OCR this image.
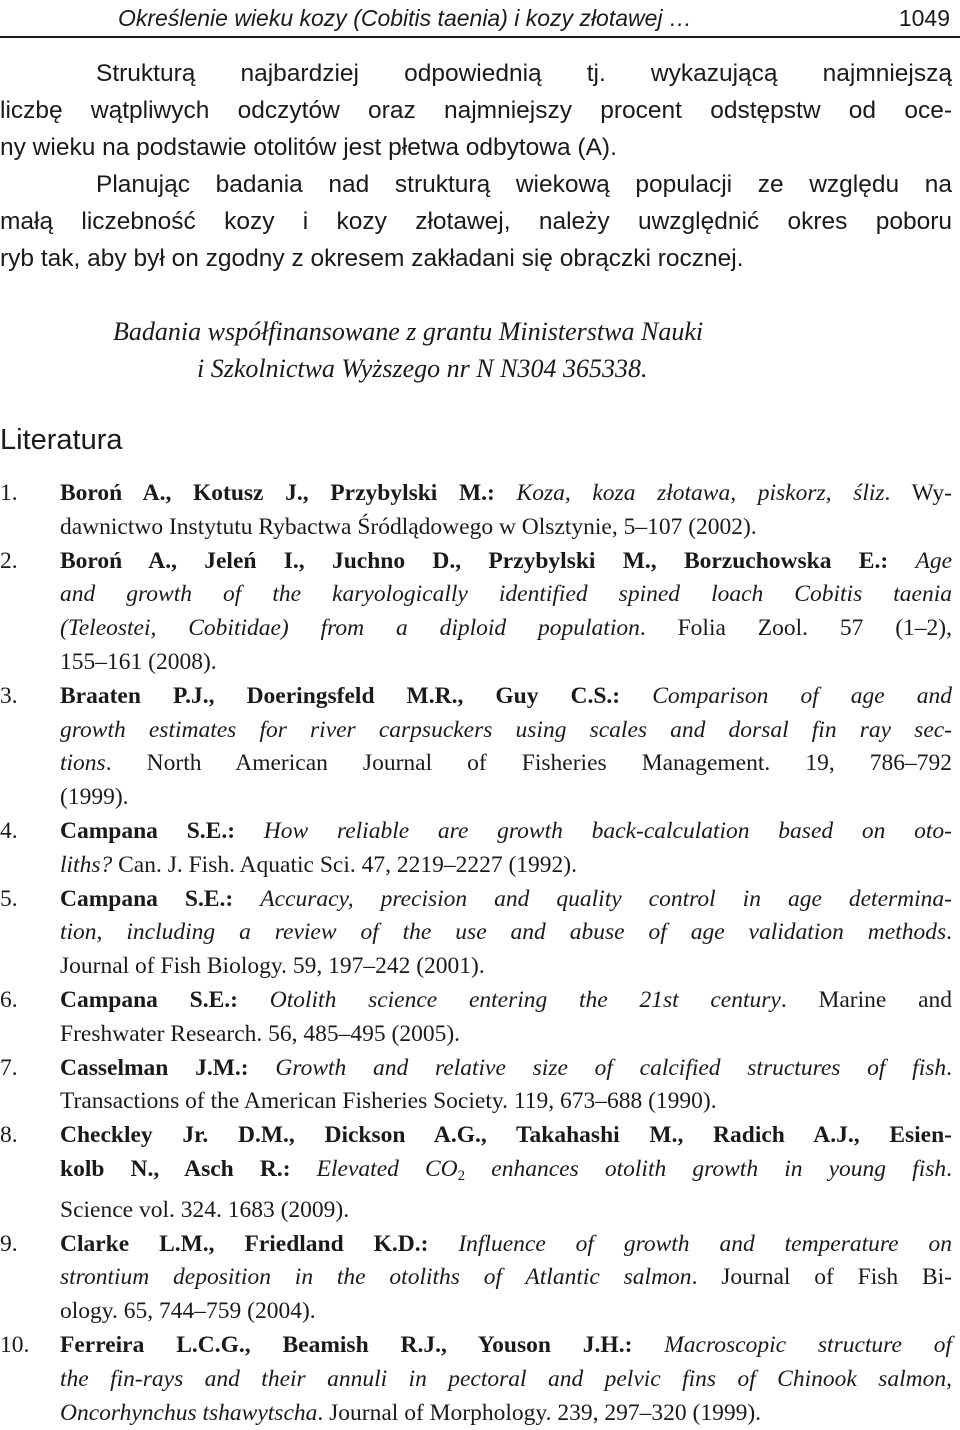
Określenie wieku kozy (Cobitis taenia) i kozy złotawej …	1049
Strukturą najbardziej odpowiednią tj. wykazującą najmniejszą
liczbę wątpliwych odczytów oraz najmniejszy procent odstępstw od oce-
ny wieku na podstawie otolitów jest płetwa odbytowa (A).
Planując badania nad strukturą wiekową populacji ze względu na
małą liczebność kozy i kozy złotawej, należy uwzględnić okres poboru
ryb tak, aby był on zgodny z okresem zakładani się obrączki rocznej.
Badania współfinansowane z grantu Ministerstwa Nauki
i Szkolnictwa Wyższego nr N N304 365338.
Literatura
1. Boroń A., Kotusz J., Przybylski M.: Koza, koza złotawa, piskorz, śliz. Wy-
dawnictwo Instytutu Rybactwa Śródlądowego w Olsztynie, 5–107 (2002).
2. Boroń A., Jeleń I., Juchno D., Przybylski M., Borzuchowska E.: Age
and growth of the karyologically identified spined loach Cobitis taenia
(Teleostei, Cobitidae) from a diploid population. Folia Zool. 57 (1–2),
155–161 (2008).
3. Braaten P.J., Doeringsfeld M.R., Guy C.S.: Comparison of age and
growth estimates for river carpsuckers using scales and dorsal fin ray sec-
tions. North American Journal of Fisheries Management. 19, 786–792
(1999).
4. Campana S.E.: How reliable are growth back-calculation based on oto-
liths? Can. J. Fish. Aquatic Sci. 47, 2219–2227 (1992).
5. Campana S.E.: Accuracy, precision and quality control in age determina-
tion, including a review of the use and abuse of age validation methods.
Journal of Fish Biology. 59, 197–242 (2001).
6. Campana S.E.: Otolith science entering the 21st century. Marine and
Freshwater Research. 56, 485–495 (2005).
7. Casselman J.M.: Growth and relative size of calcified structures of fish.
Transactions of the American Fisheries Society. 119, 673–688 (1990).
8. Checkley Jr. D.M., Dickson A.G., Takahashi M., Radich A.J., Esien-
kolb N., Asch R.: Elevated $CO_2$ enhances otolith growth in young fish.
Science vol. 324. 1683 (2009).
9. Clarke L.M., Friedland K.D.: Influence of growth and temperature on
strontium deposition in the otoliths of Atlantic salmon. Journal of Fish Bi-
ology. 65, 744–759 (2004).
10. Ferreira L.C.G., Beamish R.J., Youson J.H.: Macroscopic structure of
the fin-rays and their annuli in pectoral and pelvic fins of Chinook salmon,
Oncorhynchus tshawytscha. Journal of Morphology. 239, 297–320 (1999).
